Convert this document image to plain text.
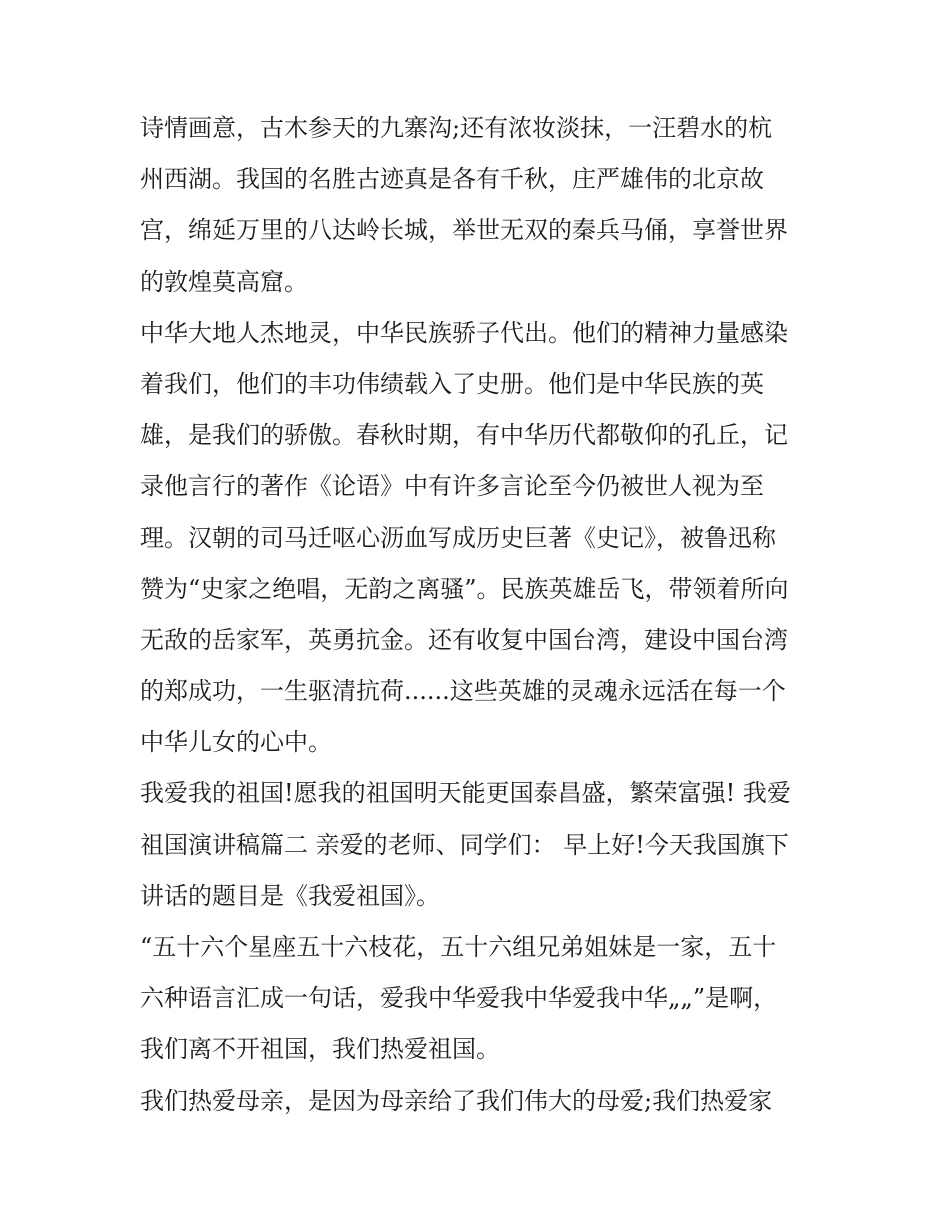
诗情画意，古木参天的九寨沟;还有浓妆淡抹，一汪碧水的杭
州西湖。我国的名胜古迹真是各有千秋，庄严雄伟的北京故
宫，绵延万里的八达岭长城，举世无双的秦兵马俑，享誉世界
的敦煌莫高窟。
中华大地人杰地灵，中华民族骄子代出。他们的精神力量感染
着我们，他们的丰功伟绩载入了史册。他们是中华民族的英
雄，是我们的骄傲。春秋时期，有中华历代都敬仰的孔丘，记
录他言行的著作《论语》中有许多言论至今仍被世人视为至
理。汉朝的司马迁呕心沥血写成历史巨著《史记》，被鲁迅称
赞为“史家之绝唱，无韵之离骚”。民族英雄岳飞，带领着所向
无敌的岳家军，英勇抗金。还有收复中国台湾，建设中国台湾
的郑成功，一生驱清抗荷......这些英雄的灵魂永远活在每一个
中华儿女的心中。
我爱我的祖国!愿我的祖国明天能更国泰昌盛，繁荣富强! 我爱
祖国演讲稿篇二 亲爱的老师、同学们： 早上好!今天我国旗下
讲话的题目是《我爱祖国》。
“五十六个星座五十六枝花，五十六组兄弟姐妹是一家，五十
六种语言汇成一句话，爱我中华爱我中华爱我中华„„”是啊，
我们离不开祖国，我们热爱祖国。
我们热爱母亲，是因为母亲给了我们伟大的母爱;我们热爱家
